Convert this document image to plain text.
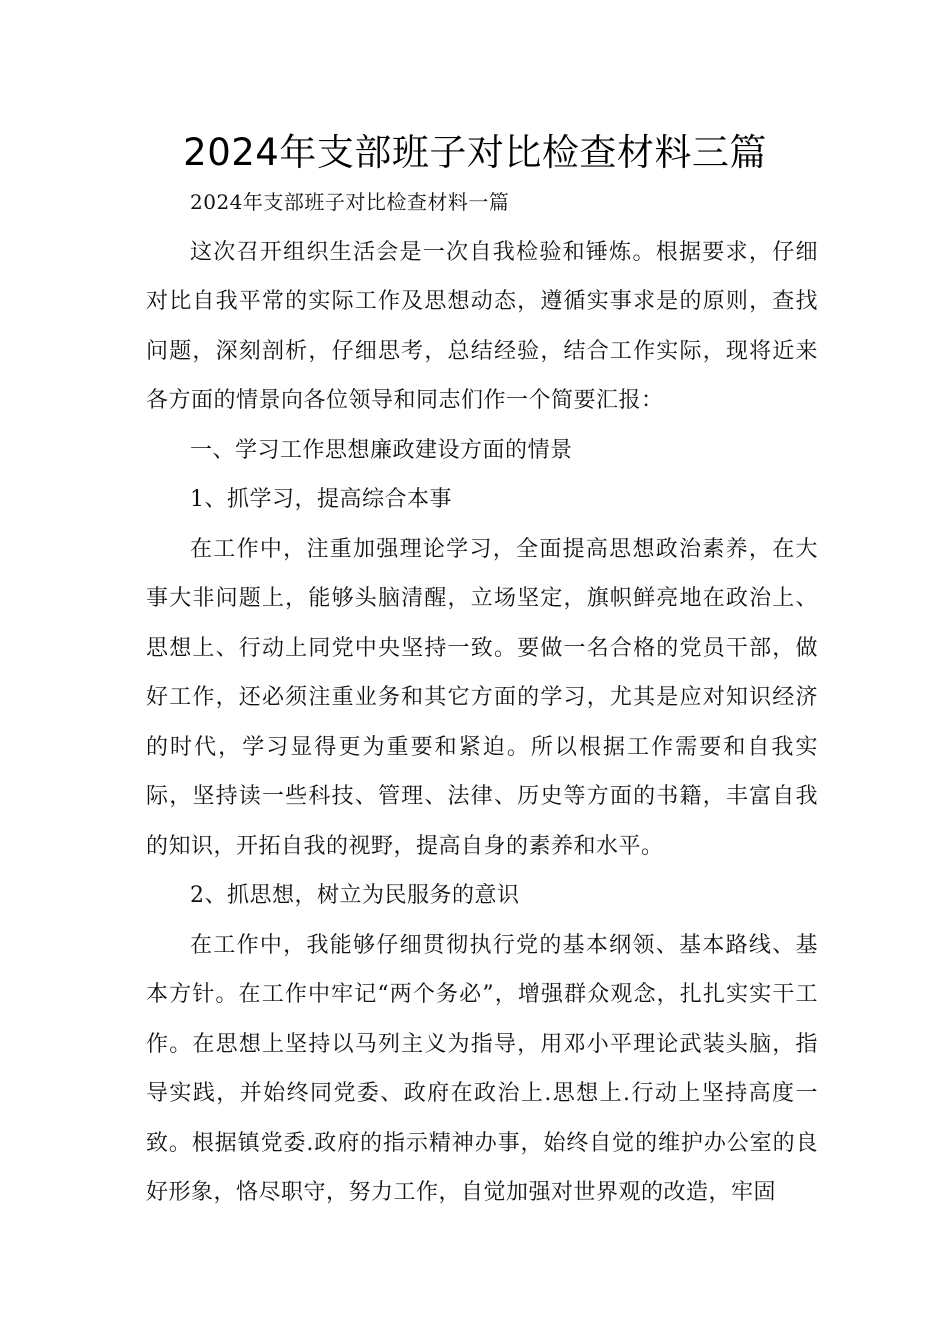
2024年支部班子对比检查材料三篇

2024年支部班子对比检查材料一篇

这次召开组织生活会是一次自我检验和锤炼。根据要求，仔细对比自我平常的实际工作及思想动态，遵循实事求是的原则，查找问题，深刻剖析，仔细思考，总结经验，结合工作实际，现将近来各方面的情景向各位领导和同志们作一个简要汇报：

一、学习工作思想廉政建设方面的情景

1、抓学习，提高综合本事

在工作中，注重加强理论学习，全面提高思想政治素养，在大事大非问题上，能够头脑清醒，立场坚定，旗帜鲜亮地在政治上、思想上、行动上同党中央坚持一致。要做一名合格的党员干部，做好工作，还必须注重业务和其它方面的学习，尤其是应对知识经济的时代，学习显得更为重要和紧迫。所以根据工作需要和自我实际，坚持读一些科技、管理、法律、历史等方面的书籍，丰富自我的知识，开拓自我的视野，提高自身的素养和水平。

2、抓思想，树立为民服务的意识

在工作中，我能够仔细贯彻执行党的基本纲领、基本路线、基本方针。在工作中牢记“两个务必”，增强群众观念，扎扎实实干工作。在思想上坚持以马列主义为指导，用邓小平理论武装头脑，指导实践，并始终同党委、政府在政治上.思想上.行动上坚持高度一致。根据镇党委.政府的指示精神办事，始终自觉的维护办公室的良好形象，恪尽职守，努力工作，自觉加强对世界观的改造，牢固
